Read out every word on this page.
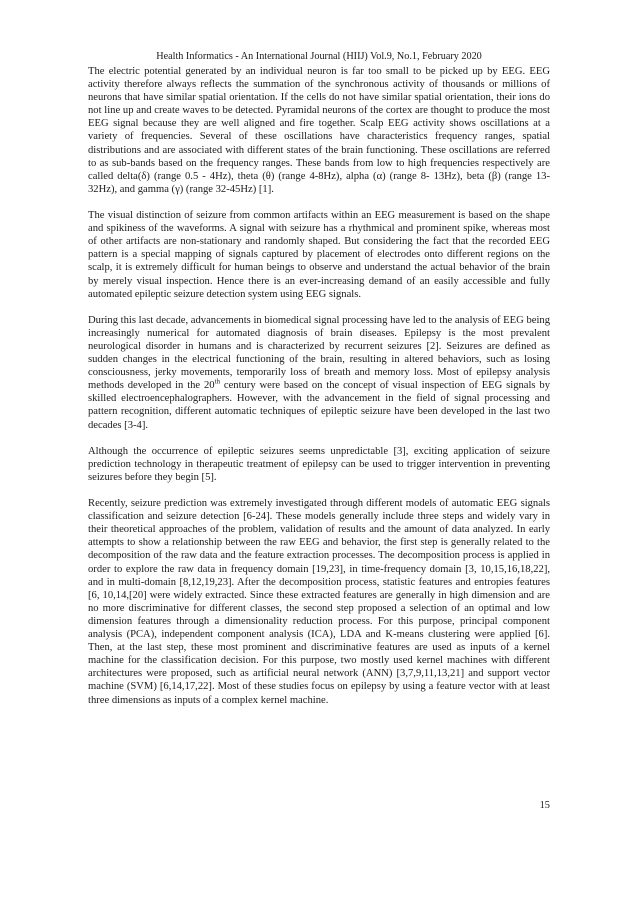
Health Informatics - An International Journal (HIIJ) Vol.9, No.1, February 2020

The electric potential generated by an individual neuron is far too small to be picked up by EEG. EEG activity therefore always reflects the summation of the synchronous activity of thousands or millions of neurons that have similar spatial orientation. If the cells do not have similar spatial orientation, their ions do not line up and create waves to be detected. Pyramidal neurons of the cortex are thought to produce the most EEG signal because they are well aligned and fire together. Scalp EEG activity shows oscillations at a variety of frequencies. Several of these oscillations have characteristics frequency ranges, spatial distributions and are associated with different states of the brain functioning. These oscillations are referred to as sub-bands based on the frequency ranges. These bands from low to high frequencies respectively are called delta(δ) (range 0.5 - 4Hz), theta (θ) (range 4-8Hz), alpha (α) (range 8- 13Hz), beta (β) (range 13-32Hz), and gamma (γ) (range 32-45Hz) [1].

The visual distinction of seizure from common artifacts within an EEG measurement is based on the shape and spikiness of the waveforms. A signal with seizure has a rhythmical and prominent spike, whereas most of other artifacts are non-stationary and randomly shaped. But considering the fact that the recorded EEG pattern is a special mapping of signals captured by placement of electrodes onto different regions on the scalp, it is extremely difficult for human beings to observe and understand the actual behavior of the brain by merely visual inspection. Hence there is an ever-increasing demand of an easily accessible and fully automated epileptic seizure detection system using EEG signals.

During this last decade, advancements in biomedical signal processing have led to the analysis of EEG being increasingly numerical for automated diagnosis of brain diseases. Epilepsy is the most prevalent neurological disorder in humans and is characterized by recurrent seizures [2]. Seizures are defined as sudden changes in the electrical functioning of the brain, resulting in altered behaviors, such as losing consciousness, jerky movements, temporarily loss of breath and memory loss. Most of epilepsy analysis methods developed in the 20th century were based on the concept of visual inspection of EEG signals by skilled electroencephalographers. However, with the advancement in the field of signal processing and pattern recognition, different automatic techniques of epileptic seizure have been developed in the last two decades [3-4].

Although the occurrence of epileptic seizures seems unpredictable [3], exciting application of seizure prediction technology in therapeutic treatment of epilepsy can be used to trigger intervention in preventing seizures before they begin [5].

Recently, seizure prediction was extremely investigated through different models of automatic EEG signals classification and seizure detection [6-24]. These models generally include three steps and widely vary in their theoretical approaches of the problem, validation of results and the amount of data analyzed. In early attempts to show a relationship between the raw EEG and behavior, the first step is generally related to the decomposition of the raw data and the feature extraction processes. The decomposition process is applied in order to explore the raw data in frequency domain [19,23], in time-frequency domain [3, 10,15,16,18,22], and in multi-domain [8,12,19,23]. After the decomposition process, statistic features and entropies features [6, 10,14,[20] were widely extracted. Since these extracted features are generally in high dimension and are no more discriminative for different classes, the second step proposed a selection of an optimal and low dimension features through a dimensionality reduction process. For this purpose, principal component analysis (PCA), independent component analysis (ICA), LDA and K-means clustering were applied [6]. Then, at the last step, these most prominent and discriminative features are used as inputs of a kernel machine for the classification decision. For this purpose, two mostly used kernel machines with different architectures were proposed, such as artificial neural network (ANN) [3,7,9,11,13,21] and support vector machine (SVM) [6,14,17,22]. Most of these studies focus on epilepsy by using a feature vector with at least three dimensions as inputs of a complex kernel machine.

15
